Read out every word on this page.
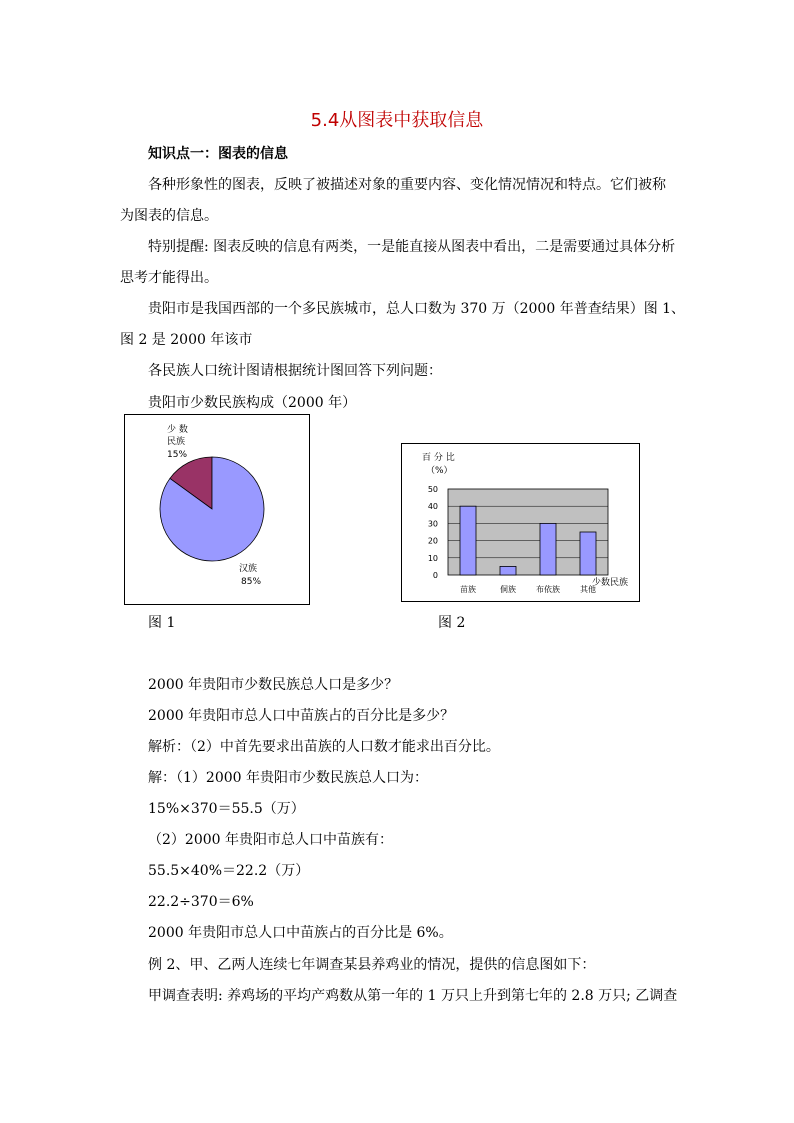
5.4从图表中获取信息
知识点一：图表的信息
各种形象性的图表，反映了被描述对象的重要内容、变化情况情况和特点。它们被称
为图表的信息。
特别提醒: 图表反映的信息有两类，一是能直接从图表中看出，二是需要通过具体分析
思考才能得出。
贵阳市是我国西部的一个多民族城市，总人口数为 370 万（2000 年普查结果）图 1、
图 2 是 2000 年该市
各民族人口统计图请根据统计图回答下列问题：
贵阳市少数民族构成（2000 年）
少 数
民族
15%
汉族
85%
百 分 比
（%）
0
10
20
30
40
50
苗族	侗族	布依族	其他
少数民族
图 1	图 2
2000 年贵阳市少数民族总人口是多少？
2000 年贵阳市总人口中苗族占的百分比是多少？
解析：（2）中首先要求出苗族的人口数才能求出百分比。
解：（1）2000 年贵阳市少数民族总人口为：
15%×370＝55.5（万）
（2）2000 年贵阳市总人口中苗族有：
55.5×40%＝22.2（万）
22.2÷370＝6%
2000 年贵阳市总人口中苗族占的百分比是 6%。
例 2、甲、乙两人连续七年调查某县养鸡业的情况，提供的信息图如下：
甲调查表明: 养鸡场的平均产鸡数从第一年的 1 万只上升到第七年的 2.8 万只; 乙调查
